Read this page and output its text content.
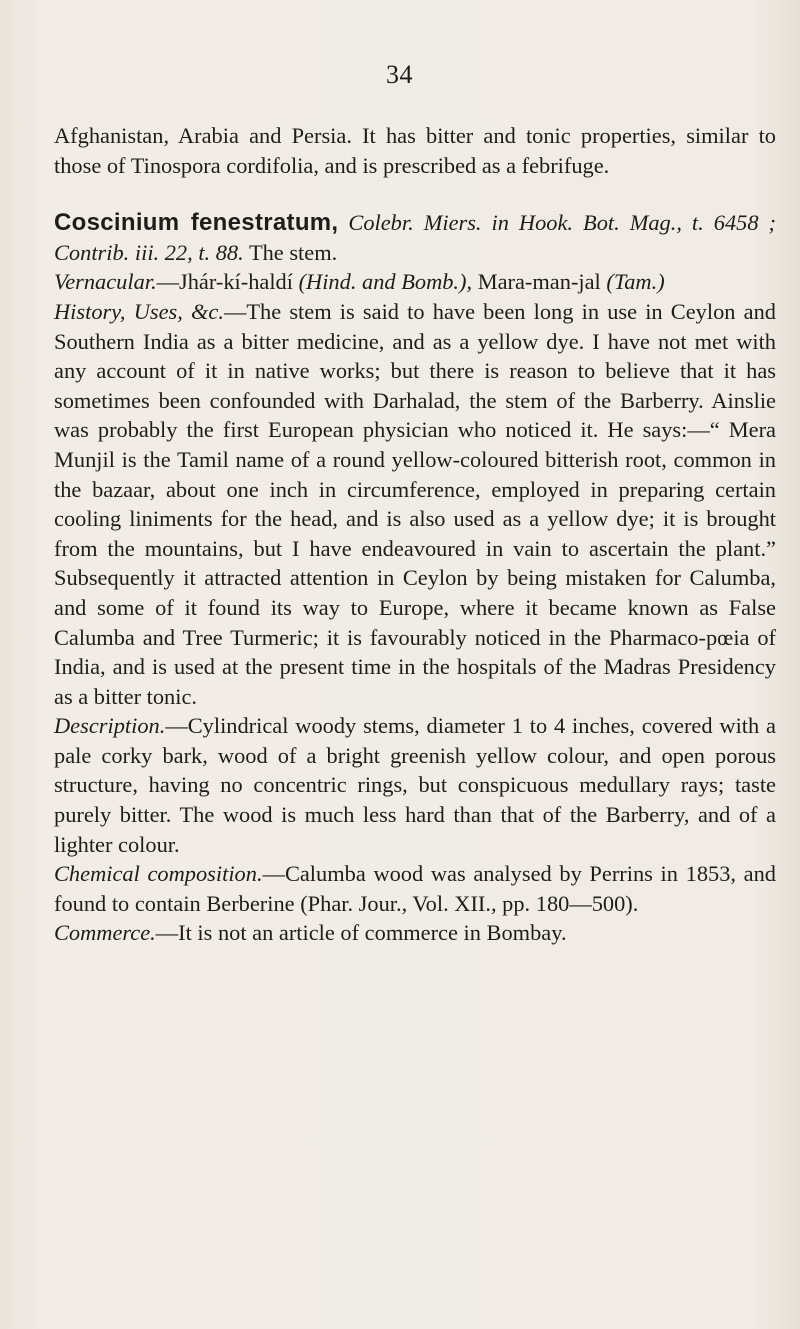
34

Afghanistan, Arabia and Persia. It has bitter and tonic properties, similar to those of Tinospora cordifolia, and is prescribed as a febrifuge.

Coscinium fenestratum, Colebr. Miers. in Hook. Bot. Mag., t. 6458 ; Contrib. iii. 22, t. 88. The stem.

Vernacular.—Jhár-kí-haldí (Hind. and Bomb.), Mara-man-jal (Tam.)

History, Uses, &c.—The stem is said to have been long in use in Ceylon and Southern India as a bitter medicine, and as a yellow dye. I have not met with any account of it in native works; but there is reason to believe that it has sometimes been confounded with Darhalad, the stem of the Barberry. Ainslie was probably the first European physician who noticed it. He says:—“ Mera Munjil is the Tamil name of a round yellow-coloured bitterish root, common in the bazaar, about one inch in circumference, employed in preparing certain cooling liniments for the head, and is also used as a yellow dye; it is brought from the mountains, but I have endeavoured in vain to ascertain the plant.” Subsequently it attracted attention in Ceylon by being mistaken for Calumba, and some of it found its way to Europe, where it became known as False Calumba and Tree Turmeric; it is favourably noticed in the Pharmaco-pœia of India, and is used at the present time in the hospitals of the Madras Presidency as a bitter tonic.

Description.—Cylindrical woody stems, diameter 1 to 4 inches, covered with a pale corky bark, wood of a bright greenish yellow colour, and open porous structure, having no concentric rings, but conspicuous medullary rays; taste purely bitter. The wood is much less hard than that of the Barberry, and of a lighter colour.

Chemical composition.—Calumba wood was analysed by Perrins in 1853, and found to contain Berberine (Phar. Jour., Vol. XII., pp. 180—500).

Commerce.—It is not an article of commerce in Bombay.
